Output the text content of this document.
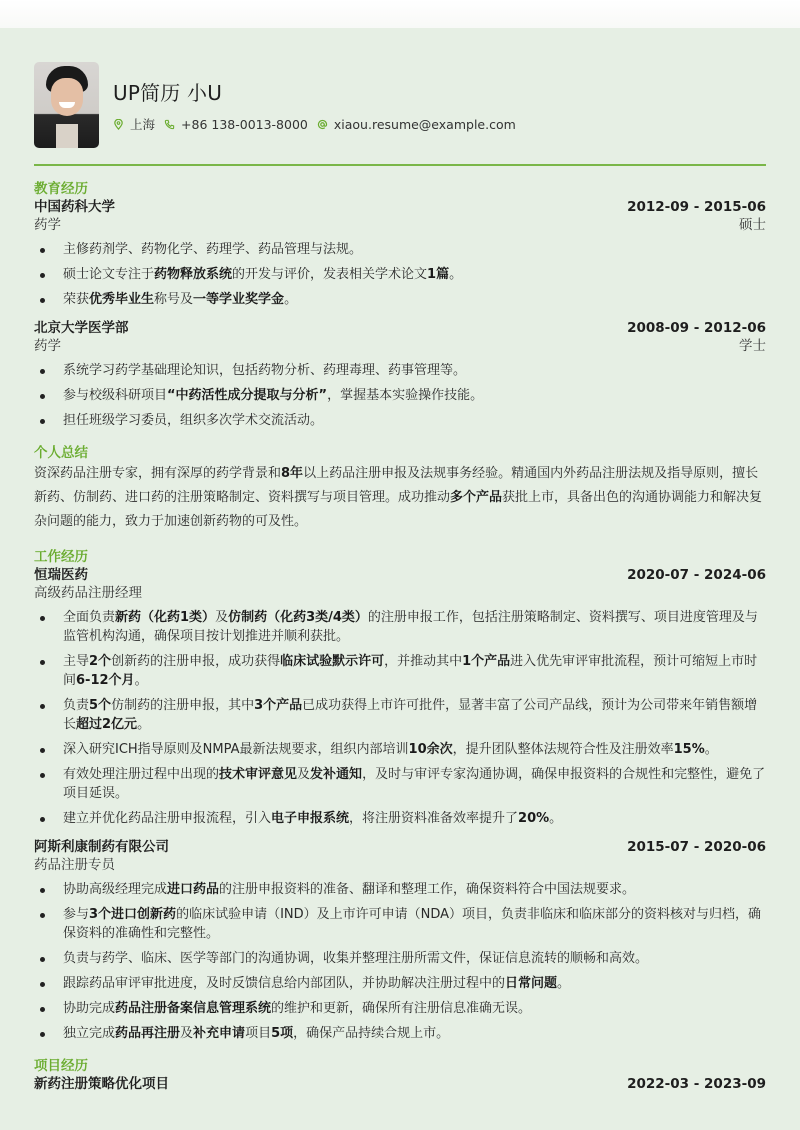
UP简历 小U
上海 +86 138-0013-8000 xiaou.resume@example.com
教育经历
中国药科大学	2012-09 - 2015-06
药学	硕士
主修药剂学、药物化学、药理学、药品管理与法规。
硕士论文专注于药物释放系统的开发与评价，发表相关学术论文1篇。
荣获优秀毕业生称号及一等学业奖学金。
北京大学医学部	2008-09 - 2012-06
药学	学士
系统学习药学基础理论知识，包括药物分析、药理毒理、药事管理等。
参与校级科研项目“中药活性成分提取与分析”，掌握基本实验操作技能。
担任班级学习委员，组织多次学术交流活动。
个人总结
资深药品注册专家，拥有深厚的药学背景和8年以上药品注册申报及法规事务经验。精通国内外药品注册法规及指导原则，擅长新药、仿制药、进口药的注册策略制定、资料撰写与项目管理。成功推动多个产品获批上市，具备出色的沟通协调能力和解决复杂问题的能力，致力于加速创新药物的可及性。
工作经历
恒瑞医药	2020-07 - 2024-06
高级药品注册经理
全面负责新药（化药1类）及仿制药（化药3类/4类）的注册申报工作，包括注册策略制定、资料撰写、项目进度管理及与监管机构沟通，确保项目按计划推进并顺利获批。
主导2个创新药的注册申报，成功获得临床试验默示许可，并推动其中1个产品进入优先审评审批流程，预计可缩短上市时间6-12个月。
负责5个仿制药的注册申报，其中3个产品已成功获得上市许可批件，显著丰富了公司产品线，预计为公司带来年销售额增长超过2亿元。
深入研究ICH指导原则及NMPA最新法规要求，组织内部培训10余次，提升团队整体法规符合性及注册效率15%。
有效处理注册过程中出现的技术审评意见及发补通知，及时与审评专家沟通协调，确保申报资料的合规性和完整性，避免了项目延误。
建立并优化药品注册申报流程，引入电子申报系统，将注册资料准备效率提升了20%。
阿斯利康制药有限公司	2015-07 - 2020-06
药品注册专员
协助高级经理完成进口药品的注册申报资料的准备、翻译和整理工作，确保资料符合中国法规要求。
参与3个进口创新药的临床试验申请（IND）及上市许可申请（NDA）项目，负责非临床和临床部分的资料核对与归档，确保资料的准确性和完整性。
负责与药学、临床、医学等部门的沟通协调，收集并整理注册所需文件，保证信息流转的顺畅和高效。
跟踪药品审评审批进度，及时反馈信息给内部团队，并协助解决注册过程中的日常问题。
协助完成药品注册备案信息管理系统的维护和更新，确保所有注册信息准确无误。
独立完成药品再注册及补充申请项目5项，确保产品持续合规上市。
项目经历
新药注册策略优化项目	2022-03 - 2023-09
